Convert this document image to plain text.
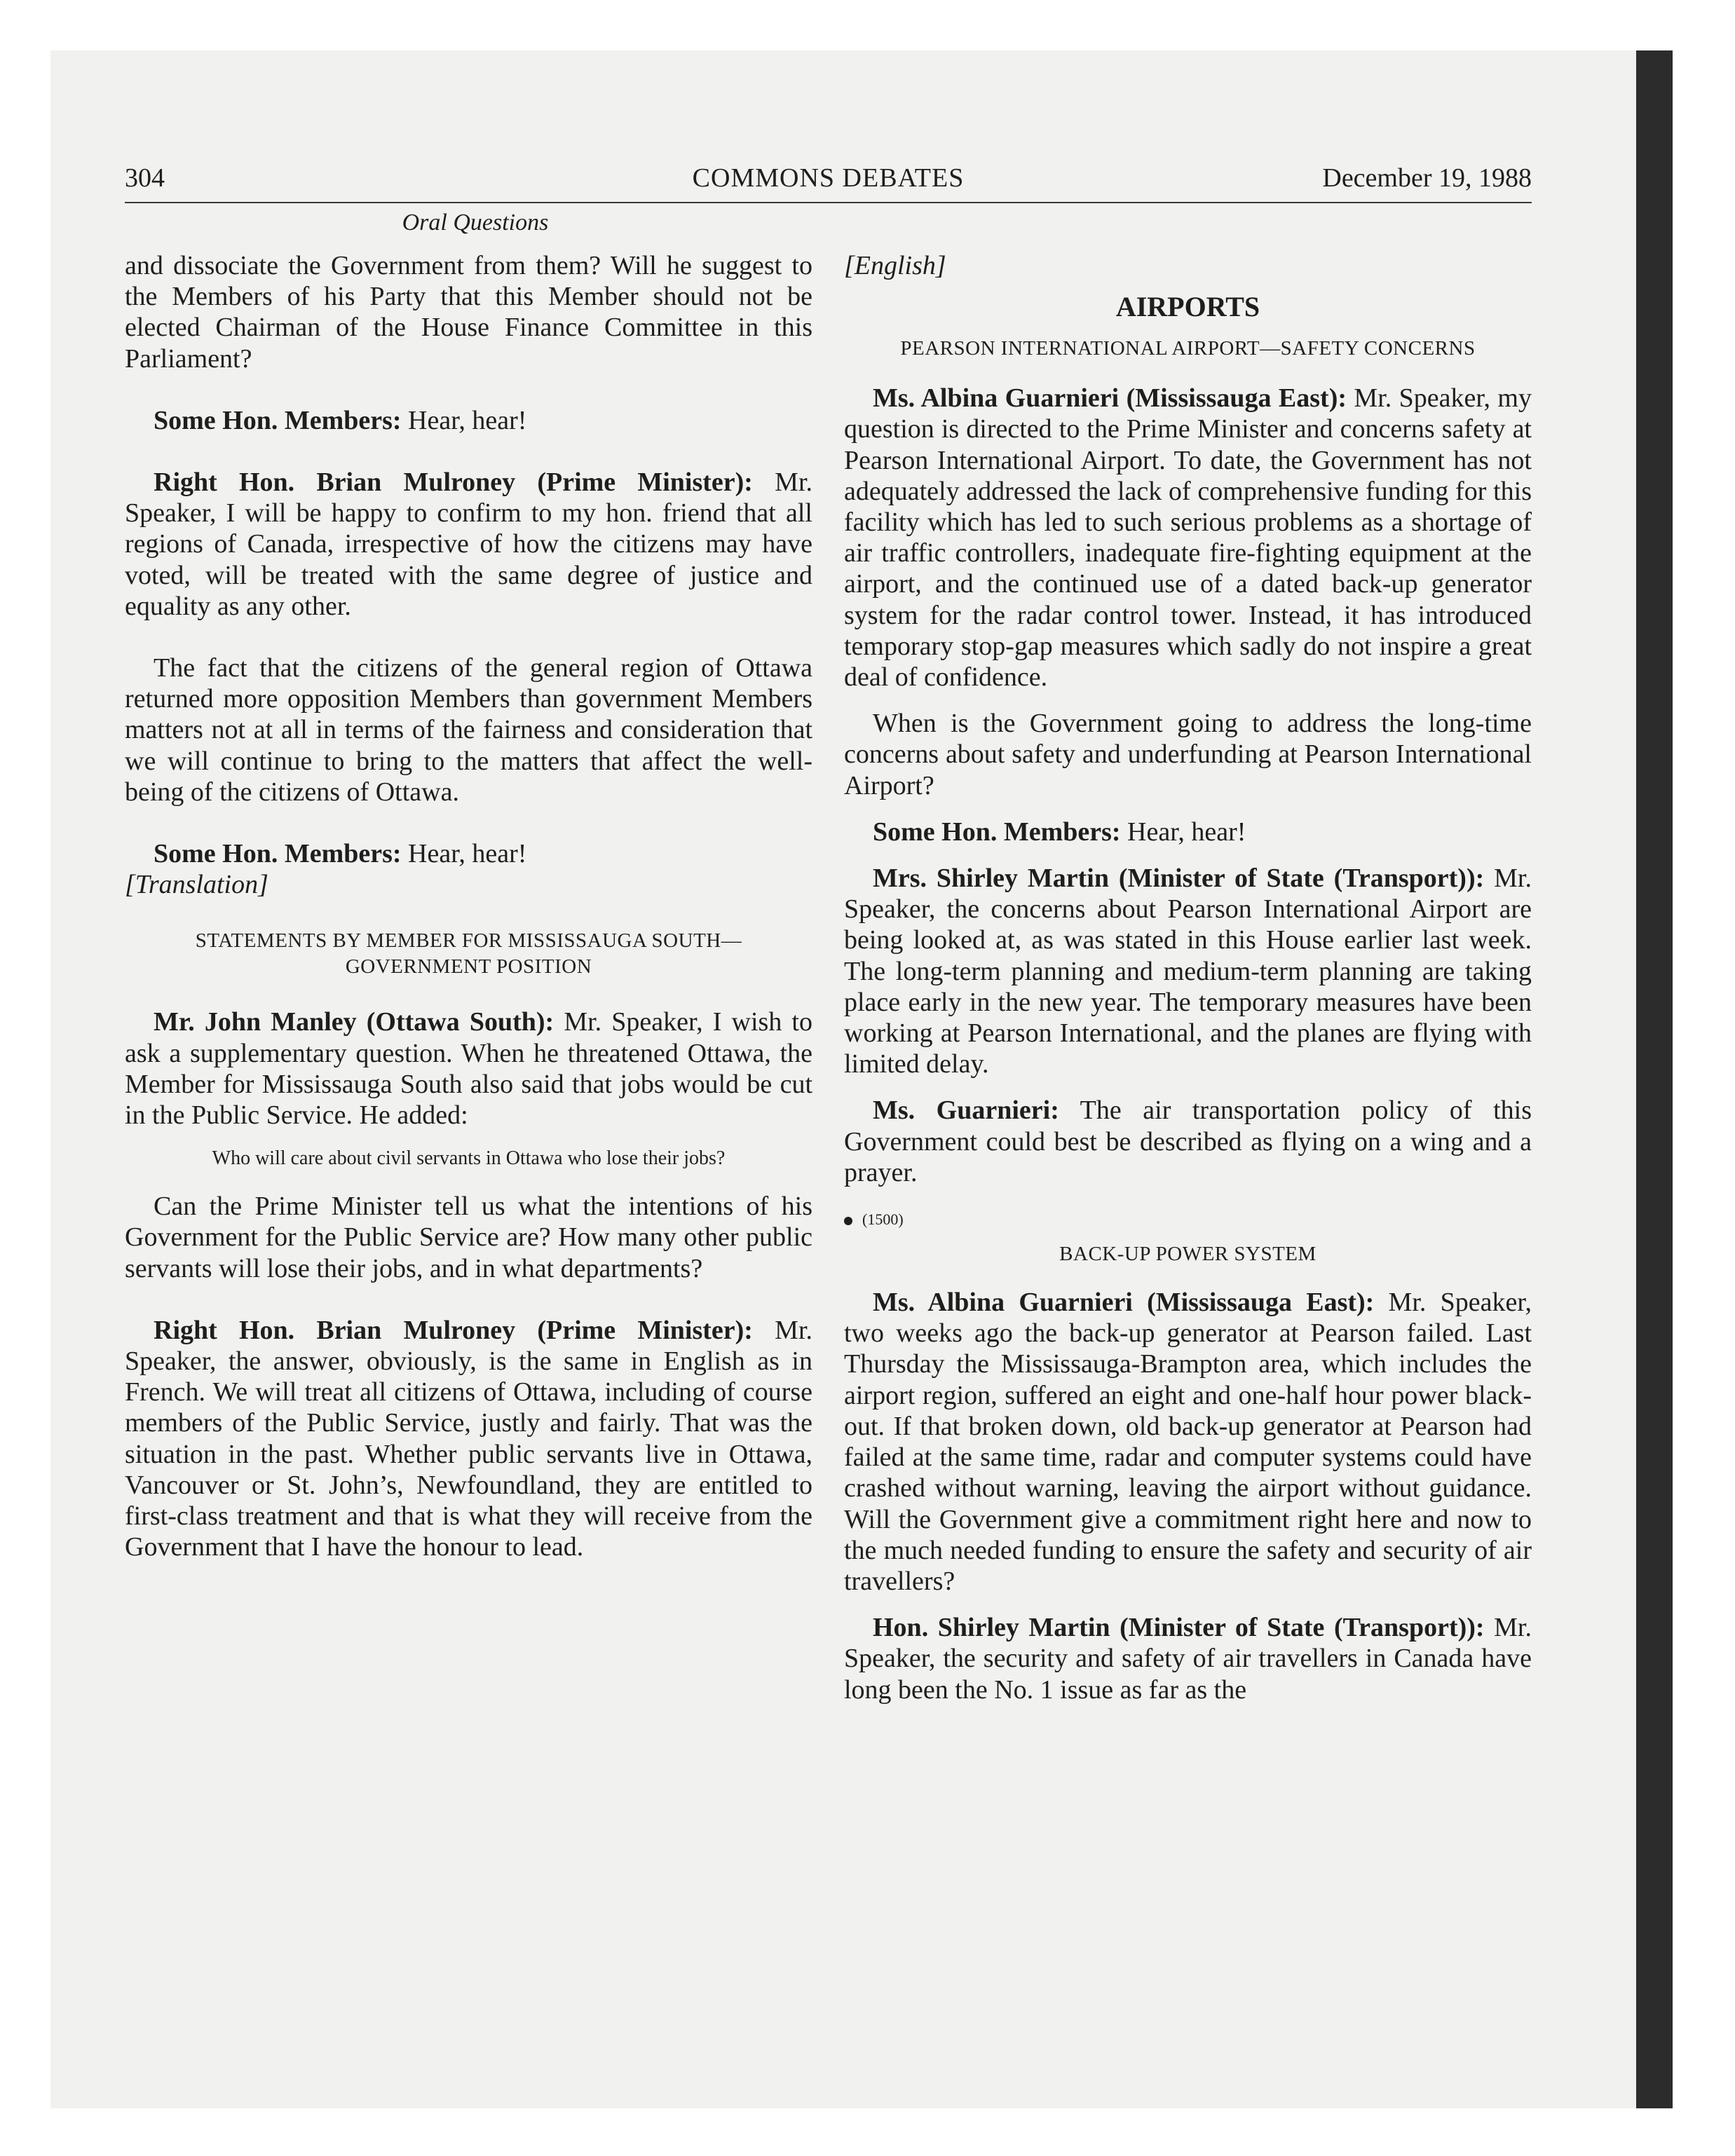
304	COMMONS DEBATES	December 19, 1988
Oral Questions

and dissociate the Government from them? Will he suggest to the Members of his Party that this Member should not be elected Chairman of the House Finance Committee in this Parliament?

Some Hon. Members: Hear, hear!

Right Hon. Brian Mulroney (Prime Minister): Mr. Speaker, I will be happy to confirm to my hon. friend that all regions of Canada, irrespective of how the citizens may have voted, will be treated with the same degree of justice and equality as any other.

The fact that the citizens of the general region of Ottawa returned more opposition Members than government Members matters not at all in terms of the fairness and consideration that we will continue to bring to the matters that affect the well-being of the citizens of Ottawa.

Some Hon. Members: Hear, hear!

[Translation]

STATEMENTS BY MEMBER FOR MISSISSAUGA SOUTH—GOVERNMENT POSITION

Mr. John Manley (Ottawa South): Mr. Speaker, I wish to ask a supplementary question. When he threatened Ottawa, the Member for Mississauga South also said that jobs would be cut in the Public Service. He added:

Who will care about civil servants in Ottawa who lose their jobs?

Can the Prime Minister tell us what the intentions of his Government for the Public Service are? How many other public servants will lose their jobs, and in what departments?

Right Hon. Brian Mulroney (Prime Minister): Mr. Speaker, the answer, obviously, is the same in English as in French. We will treat all citizens of Ottawa, including of course members of the Public Service, justly and fairly. That was the situation in the past. Whether public servants live in Ottawa, Vancouver or St. John’s, Newfoundland, they are entitled to first-class treatment and that is what they will receive from the Government that I have the honour to lead.

[English]

AIRPORTS

PEARSON INTERNATIONAL AIRPORT—SAFETY CONCERNS

Ms. Albina Guarnieri (Mississauga East): Mr. Speaker, my question is directed to the Prime Minister and concerns safety at Pearson International Airport. To date, the Government has not adequately addressed the lack of comprehensive funding for this facility which has led to such serious problems as a shortage of air traffic controllers, inadequate fire-fighting equipment at the airport, and the continued use of a dated back-up generator system for the radar control tower. Instead, it has introduced temporary stop-gap measures which sadly do not inspire a great deal of confidence.

When is the Government going to address the long-time concerns about safety and underfunding at Pearson International Airport?

Some Hon. Members: Hear, hear!

Mrs. Shirley Martin (Minister of State (Transport)): Mr. Speaker, the concerns about Pearson International Airport are being looked at, as was stated in this House earlier last week. The long-term planning and medium-term planning are taking place early in the new year. The temporary measures have been working at Pearson International, and the planes are flying with limited delay.

Ms. Guarnieri: The air transportation policy of this Government could best be described as flying on a wing and a prayer.

(1500)

BACK-UP POWER SYSTEM

Ms. Albina Guarnieri (Mississauga East): Mr. Speaker, two weeks ago the back-up generator at Pearson failed. Last Thursday the Mississauga-Brampton area, which includes the airport region, suffered an eight and one-half hour power black-out. If that broken down, old back-up generator at Pearson had failed at the same time, radar and computer systems could have crashed without warning, leaving the airport without guidance. Will the Government give a commitment right here and now to the much needed funding to ensure the safety and security of air travellers?

Hon. Shirley Martin (Minister of State (Transport)): Mr. Speaker, the security and safety of air travellers in Canada have long been the No. 1 issue as far as the
